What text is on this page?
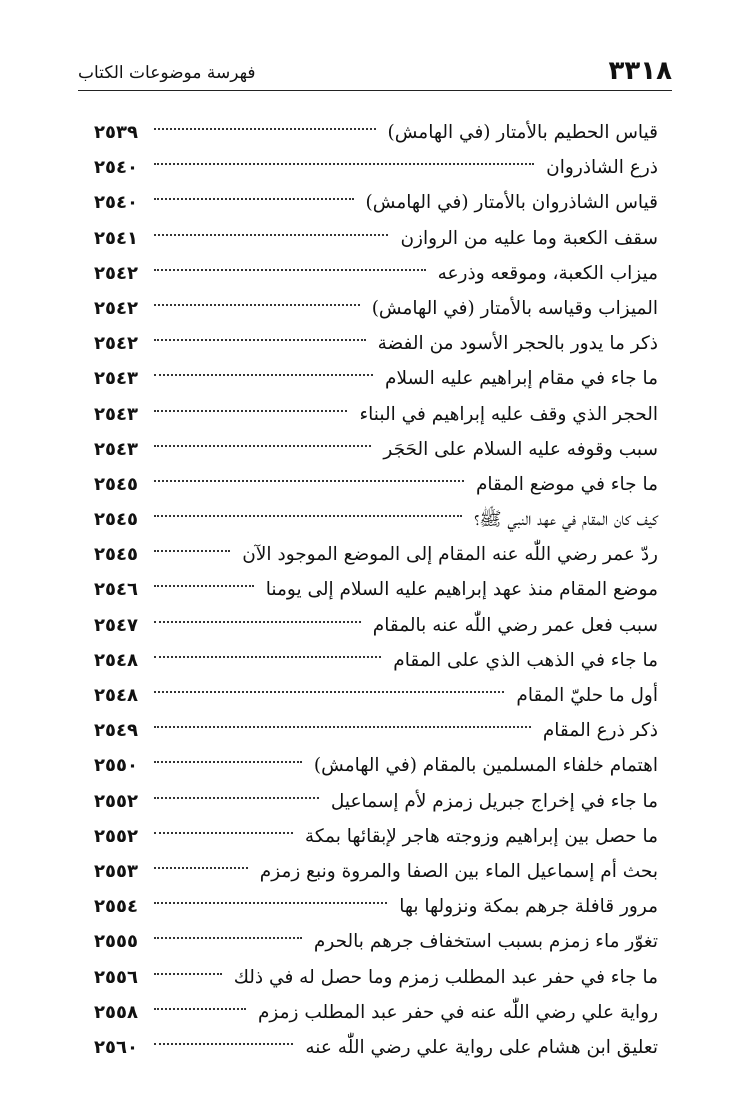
٣٣١٨
فهرسة موضوعات الكتاب
قياس الحطيم بالأمتار (في الهامش)
٢٥٣٩
ذرع الشاذروان
٢٥٤٠
قياس الشاذروان بالأمتار (في الهامش)
٢٥٤٠
سقف الكعبة وما عليه من الروازن
٢٥٤١
ميزاب الكعبة، وموقعه وذرعه
٢٥٤٢
الميزاب وقياسه بالأمتار (في الهامش)
٢٥٤٢
ذكر ما يدور بالحجر الأسود من الفضة
٢٥٤٢
ما جاء في مقام إبراهيم عليه السلام
٢٥٤٣
الحجر الذي وقف عليه إبراهيم في البناء
٢٥٤٣
سبب وقوفه عليه السلام على الحَجَر
٢٥٤٣
ما جاء في موضع المقام
٢٥٤٥
كيف كان المقام في عهد النبي ﷺ؟
٢٥٤٥
ردّ عمر رضي اللّٰه عنه المقام إلى الموضع الموجود الآن
٢٥٤٥
موضع المقام منذ عهد إبراهيم عليه السلام إلى يومنا
٢٥٤٦
سبب فعل عمر رضي اللّٰه عنه بالمقام
٢٥٤٧
ما جاء في الذهب الذي على المقام
٢٥٤٨
أول ما حليّ المقام
٢٥٤٨
ذكر ذرع المقام
٢٥٤٩
اهتمام خلفاء المسلمين بالمقام (في الهامش)
٢٥٥٠
ما جاء في إخراج جبريل زمزم لأم إسماعيل
٢٥٥٢
ما حصل بين إبراهيم وزوجته هاجر لإبقائها بمكة
٢٥٥٢
بحث أم إسماعيل الماء بين الصفا والمروة ونبع زمزم
٢٥٥٣
مرور قافلة جرهم بمكة ونزولها بها
٢٥٥٤
تغوّر ماء زمزم بسبب استخفاف جرهم بالحرم
٢٥٥٥
ما جاء في حفر عبد المطلب زمزم وما حصل له في ذلك
٢٥٥٦
رواية علي رضي اللّٰه عنه في حفر عبد المطلب زمزم
٢٥٥٨
تعليق ابن هشام على رواية علي رضي اللّٰه عنه
٢٥٦٠
